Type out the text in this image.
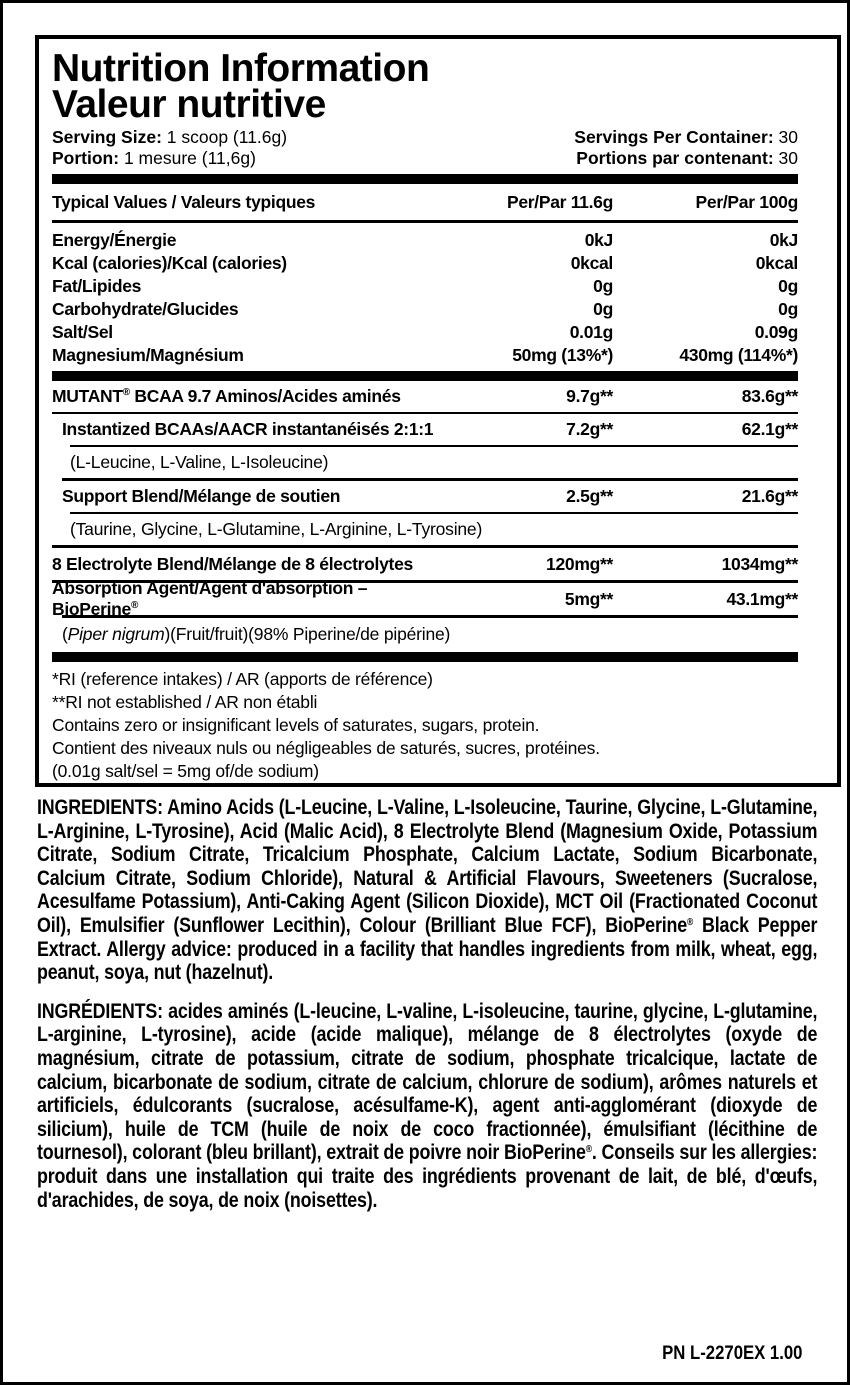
Nutrition Information
Valeur nutritive
Serving Size: 1 scoop (11.6g)	Servings Per Container: 30
Portion: 1 mesure (11,6g)	Portions par contenant: 30
Typical Values / Valeurs typiques	Per/Par 11.6g	Per/Par 100g
Energy/Énergie	0kJ	0kJ
Kcal (calories)/Kcal (calories)	0kcal	0kcal
Fat/Lipides	0g	0g
Carbohydrate/Glucides	0g	0g
Salt/Sel	0.01g	0.09g
Magnesium/Magnésium	50mg (13%*)	430mg (114%*)
MUTANT® BCAA 9.7 Aminos/Acides aminés	9.7g**	83.6g**
Instantized BCAAs/AACR instantanéisés 2:1:1	7.2g**	62.1g**
(L-Leucine, L-Valine, L-Isoleucine)
Support Blend/Mélange de soutien	2.5g**	21.6g**
(Taurine, Glycine, L-Glutamine, L-Arginine, L-Tyrosine)
8 Electrolyte Blend/Mélange de 8 électrolytes	120mg**	1034mg**
Absorption Agent/Agent d'absorption – BioPerine®	5mg**	43.1mg**
(Piper nigrum)(Fruit/fruit)(98% Piperine/de pipérine)
*RI (reference intakes) / AR (apports de référence)
**RI not established / AR non établi
Contains zero or insignificant levels of saturates, sugars, protein.
Contient des niveaux nuls ou négligeables de saturés, sucres, protéines.
(0.01g salt/sel = 5mg of/de sodium)

INGREDIENTS: Amino Acids (L-Leucine, L-Valine, L-Isoleucine, Taurine, Glycine, L-Glutamine, L-Arginine, L-Tyrosine), Acid (Malic Acid), 8 Electrolyte Blend (Magnesium Oxide, Potassium Citrate, Sodium Citrate, Tricalcium Phosphate, Calcium Lactate, Sodium Bicarbonate, Calcium Citrate, Sodium Chloride), Natural & Artificial Flavours, Sweeteners (Sucralose, Acesulfame Potassium), Anti-Caking Agent (Silicon Dioxide), MCT Oil (Fractionated Coconut Oil), Emulsifier (Sunflower Lecithin), Colour (Brilliant Blue FCF), BioPerine® Black Pepper Extract. Allergy advice: produced in a facility that handles ingredients from milk, wheat, egg, peanut, soya, nut (hazelnut).

INGRÉDIENTS: acides aminés (L-leucine, L-valine, L-isoleucine, taurine, glycine, L-glutamine, L-arginine, L-tyrosine), acide (acide malique), mélange de 8 électrolytes (oxyde de magnésium, citrate de potassium, citrate de sodium, phosphate tricalcique, lactate de calcium, bicarbonate de sodium, citrate de calcium, chlorure de sodium), arômes naturels et artificiels, édulcorants (sucralose, acésulfame-K), agent anti-agglomérant (dioxyde de silicium), huile de TCM (huile de noix de coco fractionnée), émulsifiant (lécithine de tournesol), colorant (bleu brillant), extrait de poivre noir BioPerine®. Conseils sur les allergies: produit dans une installation qui traite des ingrédients provenant de lait, de blé, d'œufs, d'arachides, de soya, de noix (noisettes).

PN L-2270EX 1.00
